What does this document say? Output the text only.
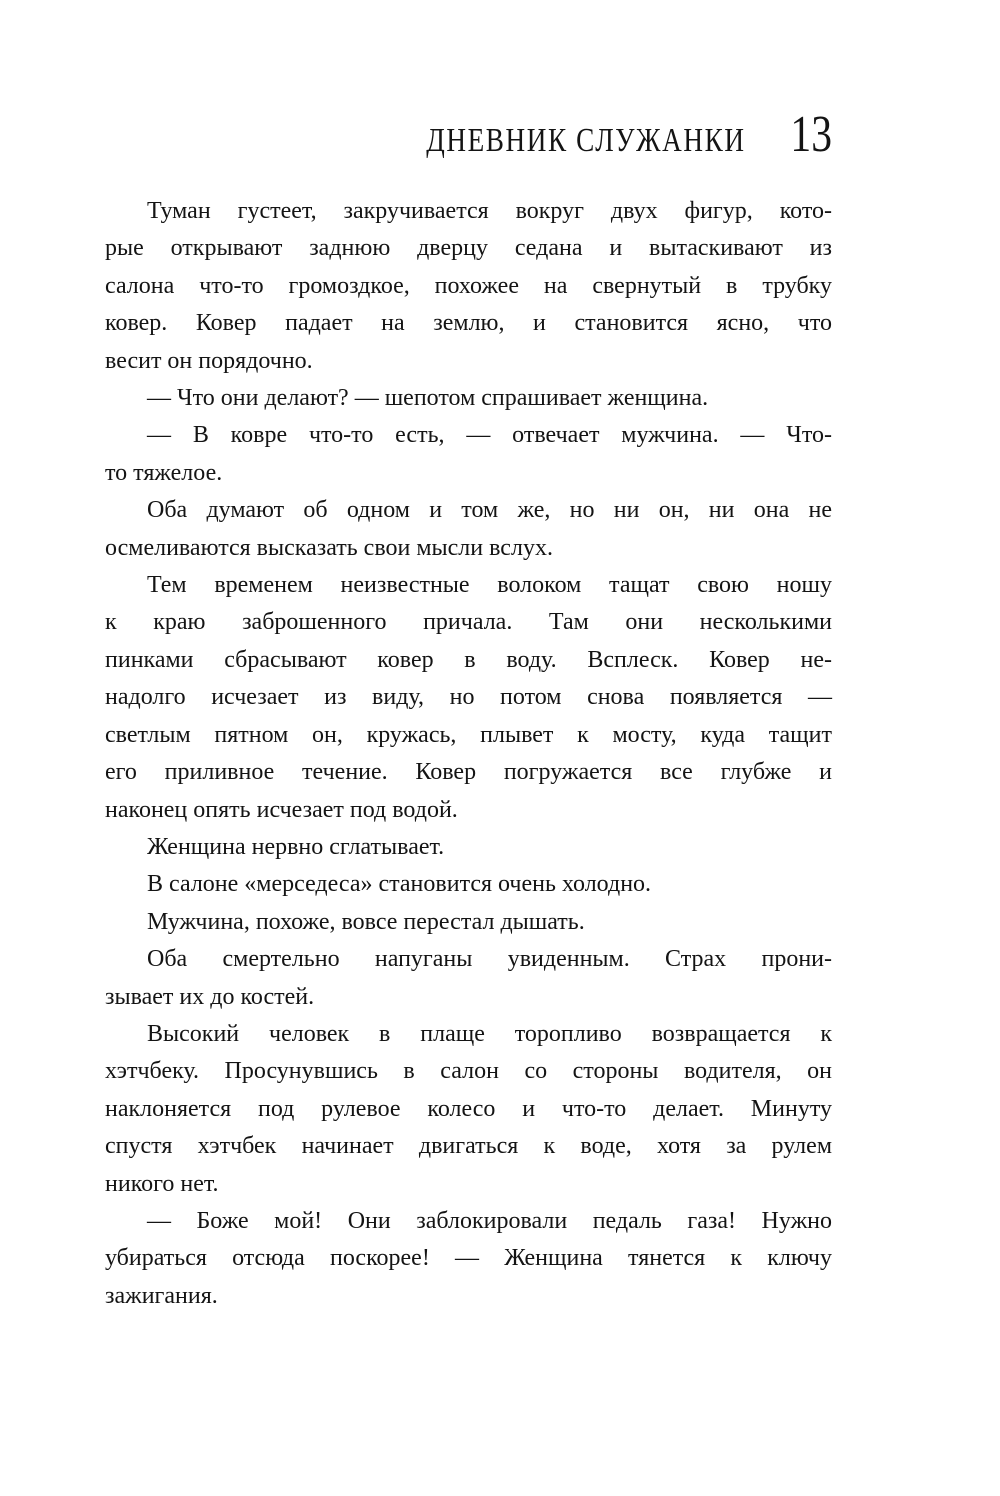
ДНЕВНИК СЛУЖАНКИ 13
Туман густеет, закручивается вокруг двух фигур, кото-
рые открывают заднюю дверцу седана и вытаскивают из
салона что-то громоздкое, похожее на свернутый в трубку
ковер. Ковер падает на землю, и становится ясно, что
весит он порядочно.
— Что они делают? — шепотом спрашивает женщина.
— В ковре что-то есть, — отвечает мужчина. — Что-
то тяжелое.
Оба думают об одном и том же, но ни он, ни она не
осмеливаются высказать свои мысли вслух.
Тем временем неизвестные волоком тащат свою ношу
к краю заброшенного причала. Там они несколькими
пинками сбрасывают ковер в воду. Всплеск. Ковер не-
надолго исчезает из виду, но потом снова появляется —
светлым пятном он, кружась, плывет к мосту, куда тащит
его приливное течение. Ковер погружается все глубже и
наконец опять исчезает под водой.
Женщина нервно сглатывает.
В салоне «мерседеса» становится очень холодно.
Мужчина, похоже, вовсе перестал дышать.
Оба смертельно напуганы увиденным. Страх прони-
зывает их до костей.
Высокий человек в плаще торопливо возвращается к
хэтчбеку. Просунувшись в салон со стороны водителя, он
наклоняется под рулевое колесо и что-то делает. Минуту
спустя хэтчбек начинает двигаться к воде, хотя за рулем
никого нет.
— Боже мой! Они заблокировали педаль газа! Нужно
убираться отсюда поскорее! — Женщина тянется к ключу
зажигания.
